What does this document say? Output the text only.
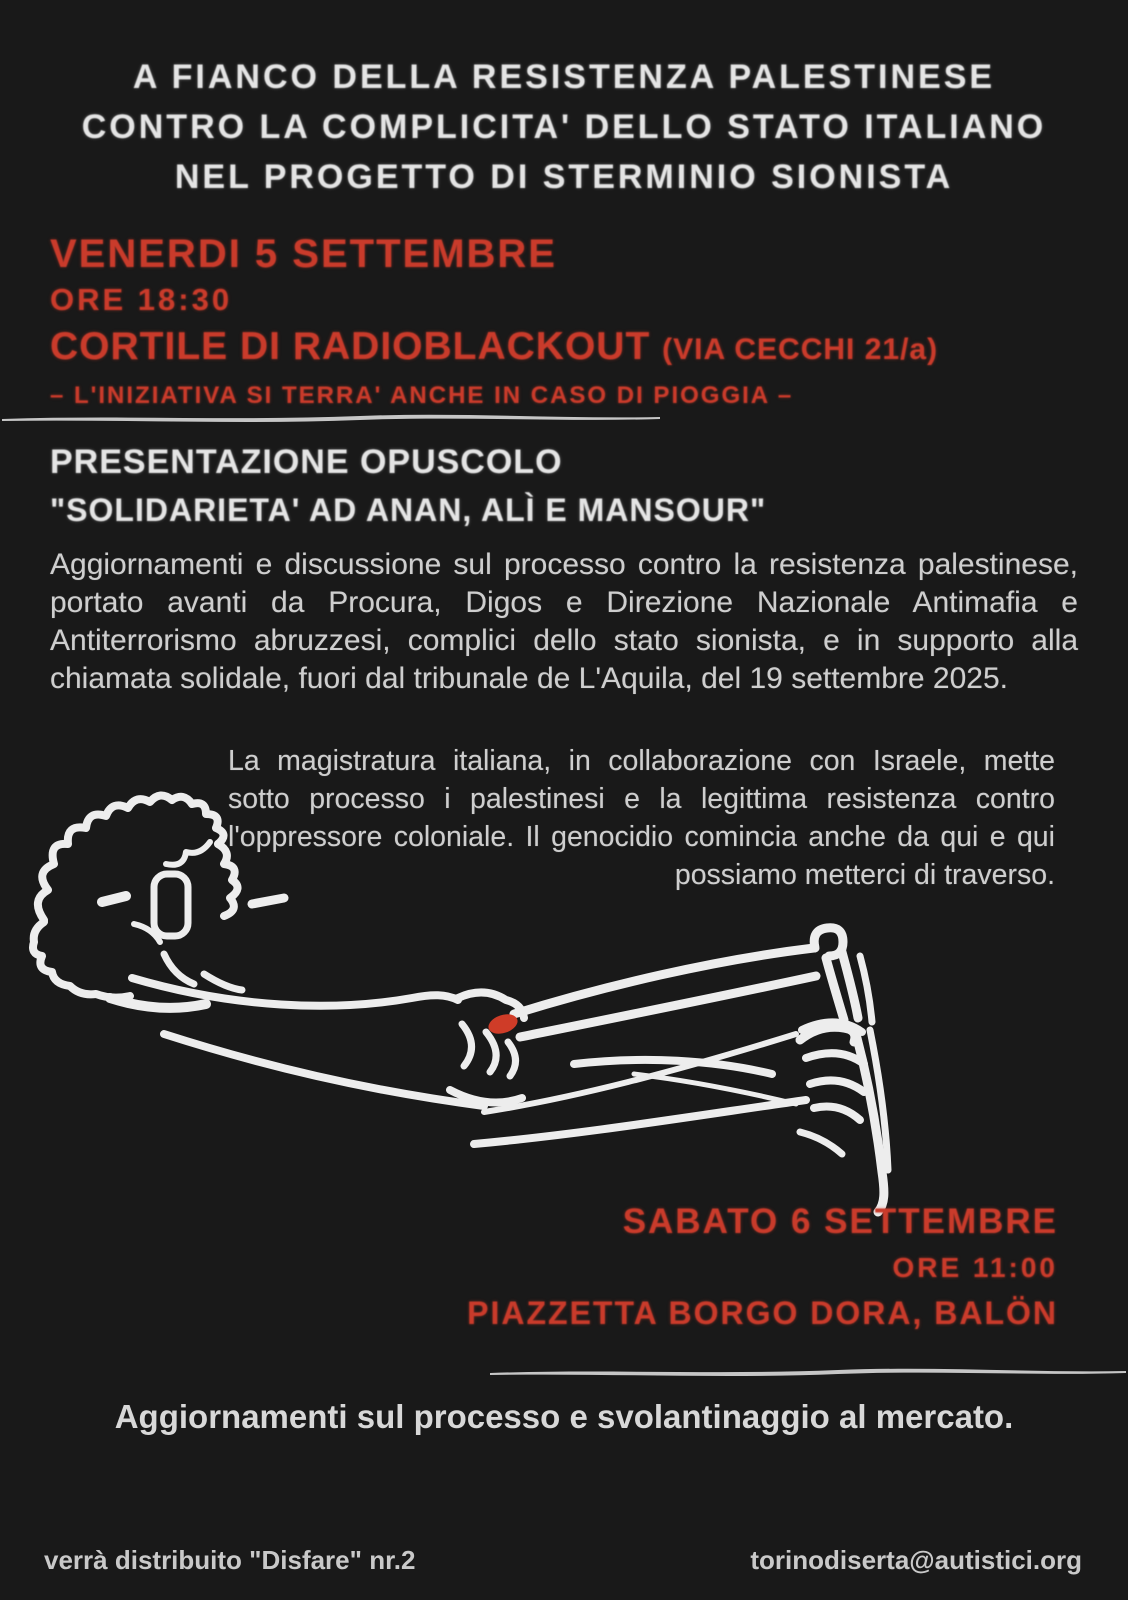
A FIANCO DELLA RESISTENZA PALESTINESE
CONTRO LA COMPLICITA' DELLO STATO ITALIANO
NEL PROGETTO DI STERMINIO SIONISTA
VENERDI 5 SETTEMBRE
ORE 18:30
CORTILE DI RADIOBLACKOUT (VIA CECCHI 21/a)
– L'INIZIATIVA SI TERRA' ANCHE IN CASO DI PIOGGIA –
PRESENTAZIONE OPUSCOLO
"SOLIDARIETA' AD ANAN, ALÌ E MANSOUR"
Aggiornamenti e discussione sul processo contro la resistenza palestinese, portato avanti da Procura, Digos e Direzione Nazionale Antimafia e Antiterrorismo abruzzesi, complici dello stato sionista, e in supporto alla chiamata solidale, fuori dal tribunale de L'Aquila, del 19 settembre 2025.
La magistratura italiana, in collaborazione con Israele, mette sotto processo i palestinesi e la legittima resistenza contro l'oppressore coloniale. Il genocidio comincia anche da qui e qui possiamo metterci di traverso.
SABATO 6 SETTEMBRE
ORE 11:00
PIAZZETTA BORGO DORA, BALÖN
Aggiornamenti sul processo e svolantinaggio al mercato.
verrà distribuito "Disfare" nr.2	torinodiserta@autistici.org
